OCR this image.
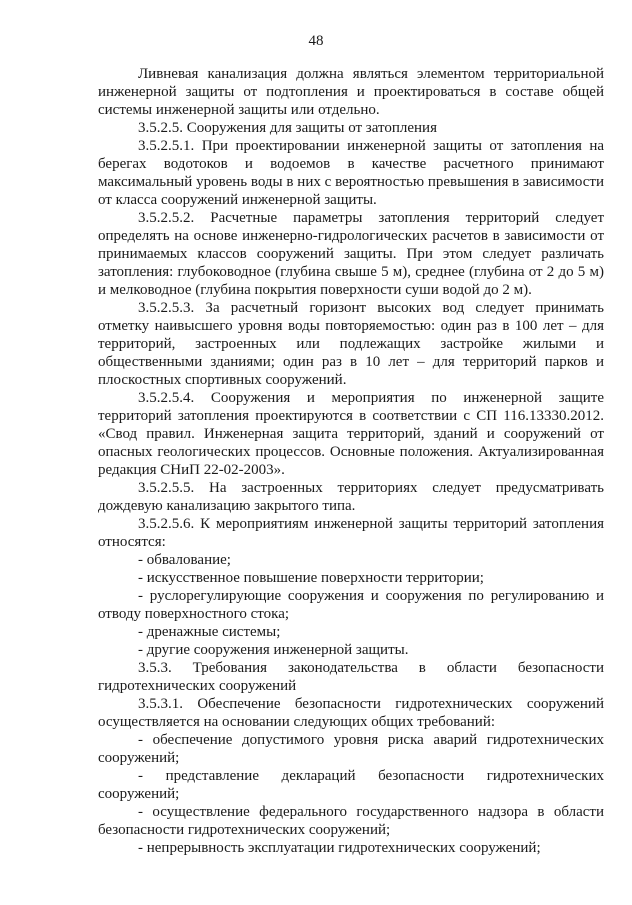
48

Ливневая канализация должна являться элементом территориальной инженерной защиты от подтопления и проектироваться в составе общей системы инженерной защиты или отдельно.

3.5.2.5. Сооружения для защиты от затопления

3.5.2.5.1. При проектировании инженерной защиты от затопления на берегах водотоков и водоемов в качестве расчетного принимают максимальный уровень воды в них с вероятностью превышения в зависимости от класса сооружений инженерной защиты.

3.5.2.5.2. Расчетные параметры затопления территорий следует определять на основе инженерно-гидрологических расчетов в зависимости от принимаемых классов сооружений защиты. При этом следует различать затопления: глубоководное (глубина свыше 5 м), среднее (глубина от 2 до 5 м) и мелководное (глубина покрытия поверхности суши водой до 2 м).

3.5.2.5.3. За расчетный горизонт высоких вод следует принимать отметку наивысшего уровня воды повторяемостью: один раз в 100 лет – для территорий, застроенных или подлежащих застройке жилыми и общественными зданиями; один раз в 10 лет – для территорий парков и плоскостных спортивных сооружений.

3.5.2.5.4. Сооружения и мероприятия по инженерной защите территорий затопления проектируются в соответствии с СП 116.13330.2012. «Свод правил. Инженерная защита территорий, зданий и сооружений от опасных геологических процессов. Основные положения. Актуализированная редакция СНиП 22-02-2003».

3.5.2.5.5. На застроенных территориях следует предусматривать дождевую канализацию закрытого типа.

3.5.2.5.6. К мероприятиям инженерной защиты территорий затопления относятся:

- обвалование;

- искусственное повышение поверхности территории;

- руслорегулирующие сооружения и сооружения по регулированию и отводу поверхностного стока;

- дренажные системы;

- другие сооружения инженерной защиты.

3.5.3. Требования законодательства в области безопасности гидротехнических сооружений

3.5.3.1. Обеспечение безопасности гидротехнических сооружений осуществляется на основании следующих общих требований:

- обеспечение допустимого уровня риска аварий гидротехнических сооружений;

- представление деклараций безопасности гидротехнических сооружений;

- осуществление федерального государственного надзора в области безопасности гидротехнических сооружений;

- непрерывность эксплуатации гидротехнических сооружений;
